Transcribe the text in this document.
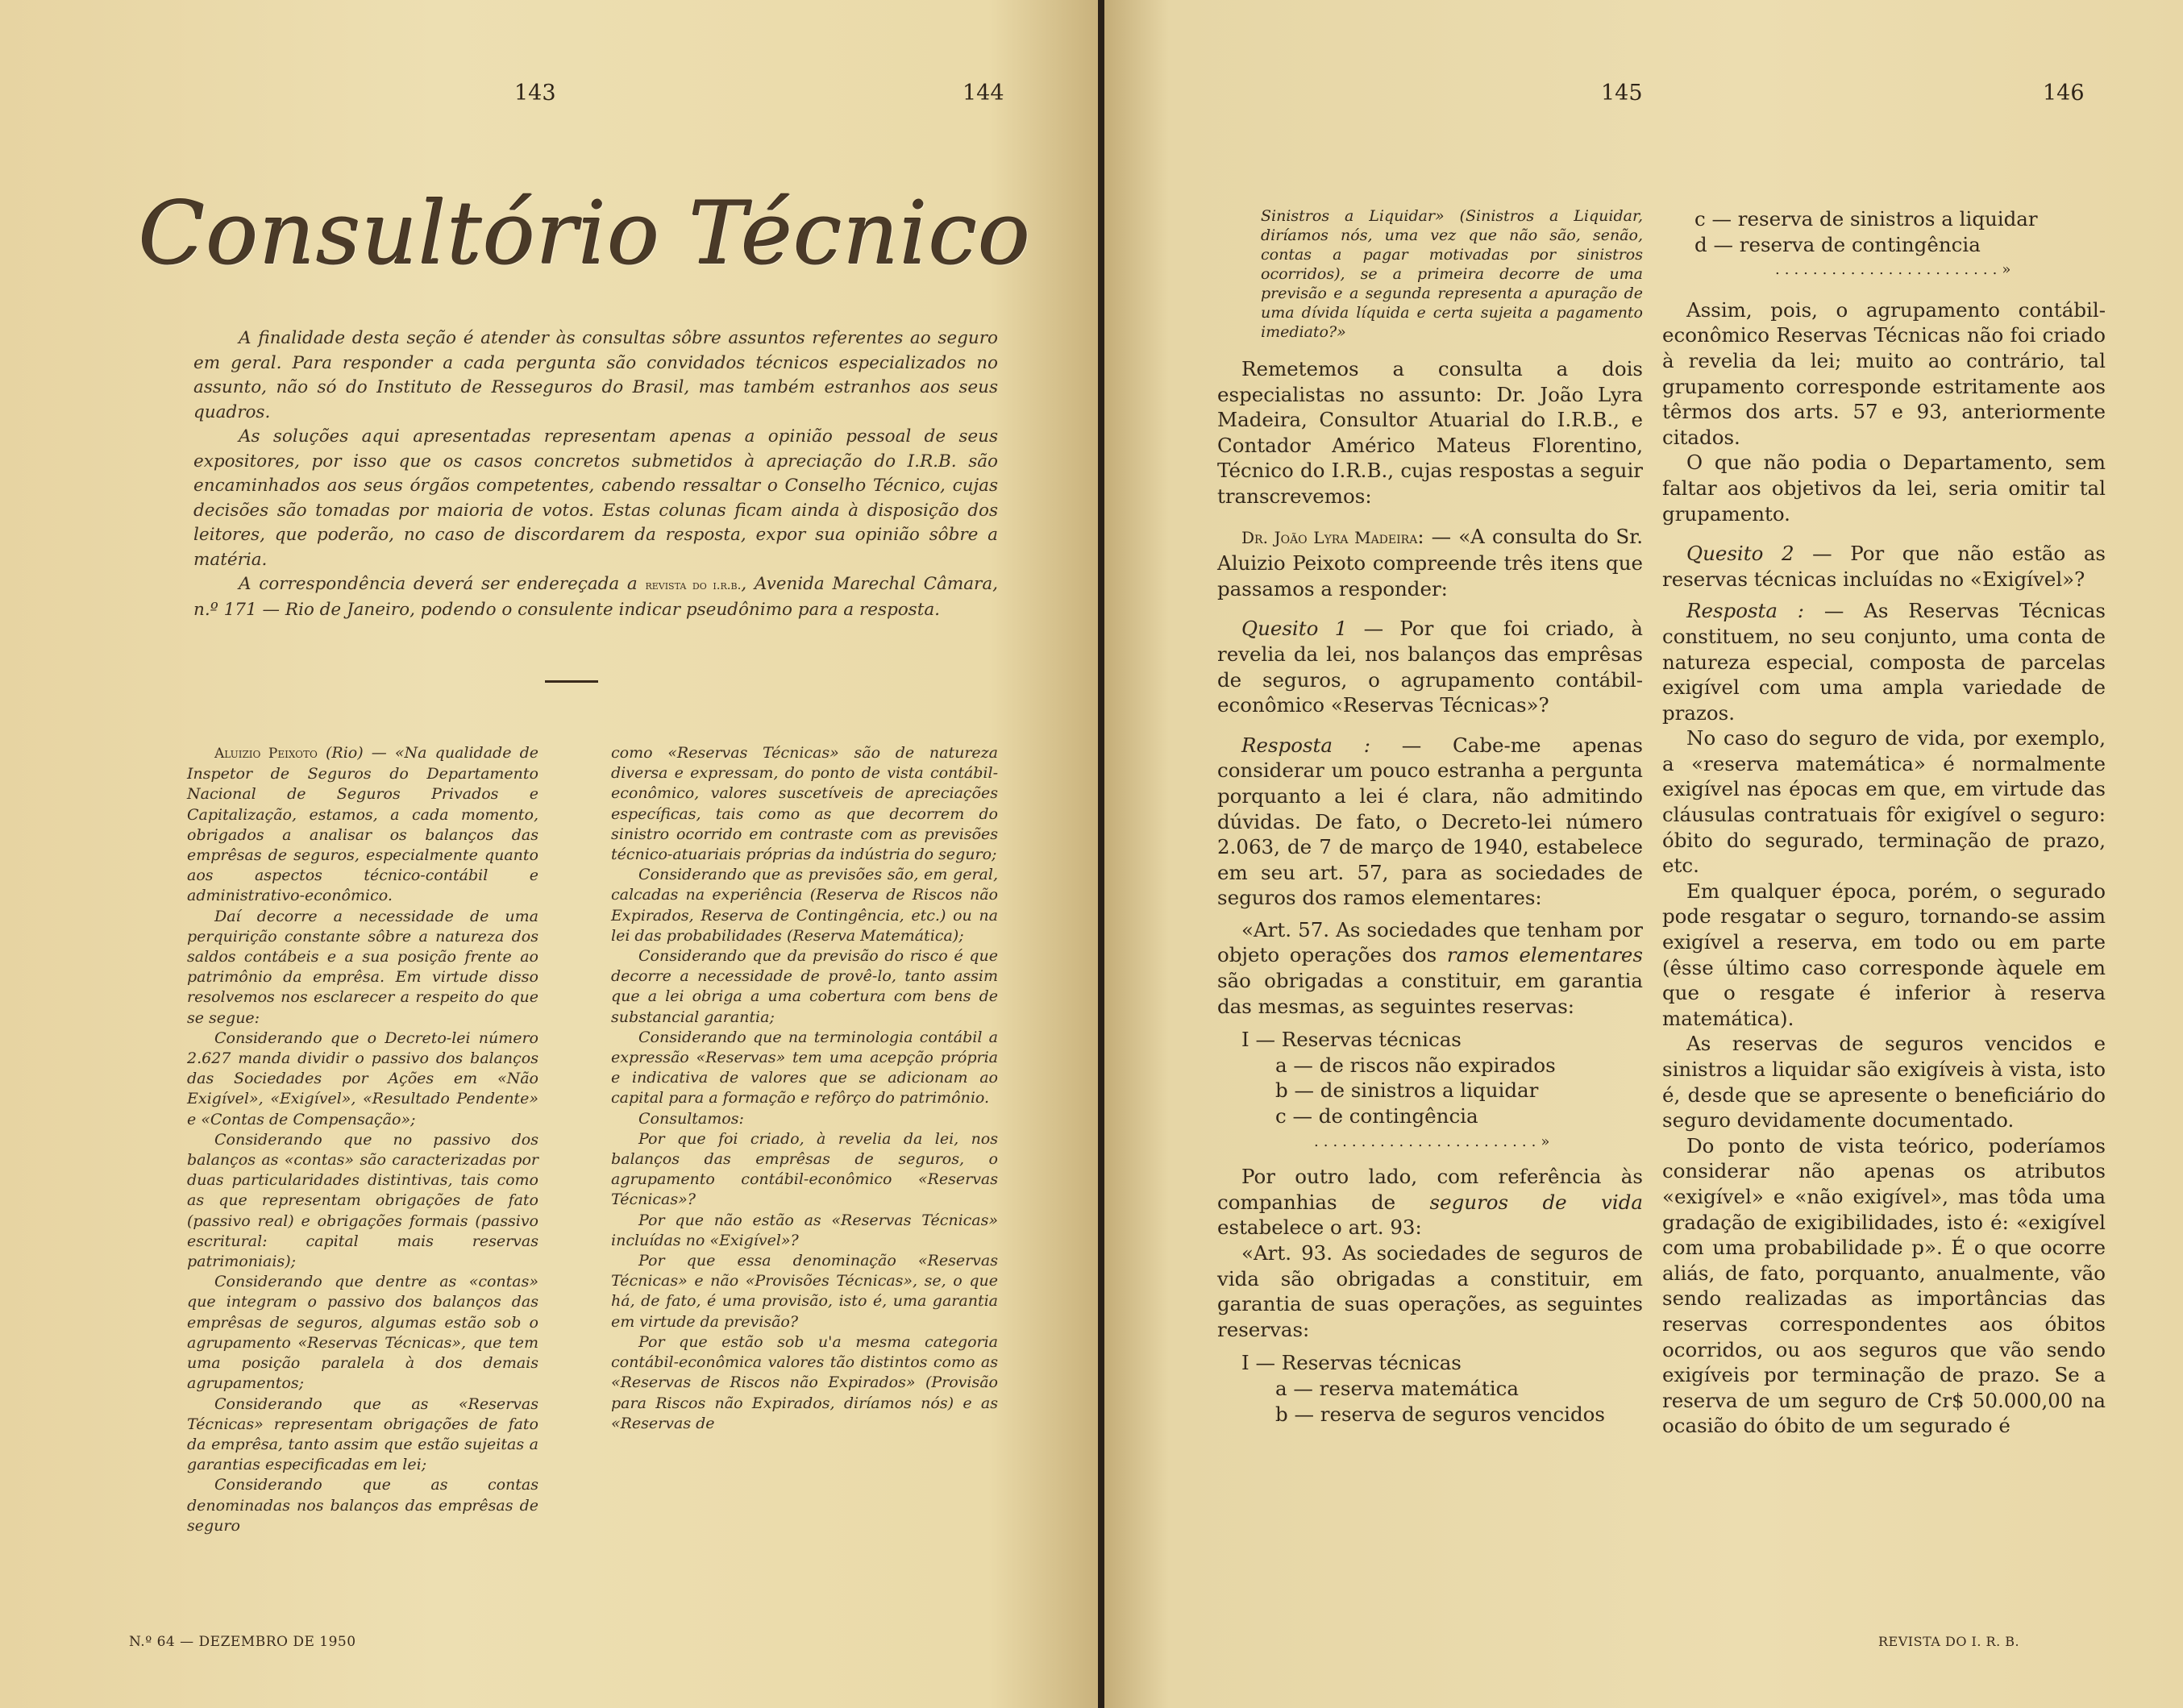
143	144
Consultório Técnico

A finalidade desta seção é atender às consultas sôbre assuntos referentes ao seguro em geral. Para responder a cada pergunta são convidados técnicos especializados no assunto, não só do Instituto de Resseguros do Brasil, mas também estranhos aos seus quadros.

As soluções aqui apresentadas representam apenas a opinião pessoal de seus expositores, por isso que os casos concretos submetidos à apreciação do I.R.B. são encaminhados aos seus órgãos competentes, cabendo ressaltar o Conselho Técnico, cujas decisões são tomadas por maioria de votos. Estas colunas ficam ainda à disposição dos leitores, que poderão, no caso de discordarem da resposta, expor sua opinião sôbre a matéria.

A correspondência deverá ser endereçada a revista do i.r.b., Avenida Marechal Câmara, n.º 171 — Rio de Janeiro, podendo o consulente indicar pseudônimo para a resposta.

Aluizio Peixoto (Rio) — «Na qualidade de Inspetor de Seguros do Departamento Nacional de Seguros Privados e Capitalização, estamos, a cada momento, obrigados a analisar os balanços das emprêsas de seguros, especialmente quanto aos aspectos técnico-contábil e administrativo-econômico.

Daí decorre a necessidade de uma perquirição constante sôbre a natureza dos saldos contábeis e a sua posição frente ao patrimônio da emprêsa. Em virtude disso resolvemos nos esclarecer a respeito do que se segue:

Considerando que o Decreto-lei número 2.627 manda dividir o passivo dos balanços das Sociedades por Ações em «Não Exigível», «Exigível», «Resultado Pendente» e «Contas de Compensação»;

Considerando que no passivo dos balanços as «contas» são caracterizadas por duas particularidades distintivas, tais como as que representam obrigações de fato (passivo real) e obrigações formais (passivo escritural: capital mais reservas patrimoniais);

Considerando que dentre as «contas» que integram o passivo dos balanços das emprêsas de seguros, algumas estão sob o agrupamento «Reservas Técnicas», que tem uma posição paralela à dos demais agrupamentos;

Considerando que as «Reservas Técnicas» representam obrigações de fato da emprêsa, tanto assim que estão sujeitas a garantias especificadas em lei;

Considerando que as contas denominadas nos balanços das emprêsas de seguro

como «Reservas Técnicas» são de natureza diversa e expressam, do ponto de vista contábil-econômico, valores suscetíveis de apreciações específicas, tais como as que decorrem do sinistro ocorrido em contraste com as previsões técnico-atuariais próprias da indústria do seguro;

Considerando que as previsões são, em geral, calcadas na experiência (Reserva de Riscos não Expirados, Reserva de Contingência, etc.) ou na lei das probabilidades (Reserva Matemática);

Considerando que da previsão do risco é que decorre a necessidade de provê-lo, tanto assim que a lei obriga a uma cobertura com bens de substancial garantia;

Considerando que na terminologia contábil a expressão «Reservas» tem uma acepção própria e indicativa de valores que se adicionam ao capital para a formação e refôrço do patrimônio.

Consultamos:

Por que foi criado, à revelia da lei, nos balanços das emprêsas de seguros, o agrupamento contábil-econômico «Reservas Técnicas»?

Por que não estão as «Reservas Técnicas» incluídas no «Exigível»?

Por que essa denominação «Reservas Técnicas» e não «Provisões Técnicas», se, o que há, de fato, é uma provisão, isto é, uma garantia em virtude da previsão?

Por que estão sob u'a mesma categoria contábil-econômica valores tão distintos como as «Reservas de Riscos não Expirados» (Provisão para Riscos não Expirados, diríamos nós) e as «Reservas de

N.º 64 — DEZEMBRO DE 1950
145	146

Sinistros a Liquidar» (Sinistros a Liquidar, diríamos nós, uma vez que não são, senão, contas a pagar motivadas por sinistros ocorridos), se a primeira decorre de uma previsão e a segunda representa a apuração de uma dívida líquida e certa sujeita a pagamento imediato?»

Remetemos a consulta a dois especialistas no assunto: Dr. João Lyra Madeira, Consultor Atuarial do I.R.B., e Contador Américo Mateus Florentino, Técnico do I.R.B., cujas respostas a seguir transcrevemos:

Dr. João Lyra Madeira: — «A consulta do Sr. Aluizio Peixoto compreende três itens que passamos a responder:

Quesito 1 — Por que foi criado, à revelia da lei, nos balanços das emprêsas de seguros, o agrupamento contábil-econômico «Reservas Técnicas»?

Resposta : — Cabe-me apenas considerar um pouco estranha a pergunta porquanto a lei é clara, não admitindo dúvidas. De fato, o Decreto-lei número 2.063, de 7 de março de 1940, estabelece em seu art. 57, para as sociedades de seguros dos ramos elementares:

«Art. 57. As sociedades que tenham por objeto operações dos ramos elementares são obrigadas a constituir, em garantia das mesmas, as seguintes reservas:

I — Reservas técnicas
a — de riscos não expirados
b — de sinistros a liquidar
c — de contingência
........................»

Por outro lado, com referência às companhias de seguros de vida estabelece o art. 93:

«Art. 93. As sociedades de seguros de vida são obrigadas a constituir, em garantia de suas operações, as seguintes reservas:

I — Reservas técnicas
a — reserva matemática
b — reserva de seguros vencidos
c — reserva de sinistros a liquidar
d — reserva de contingência
........................»

Assim, pois, o agrupamento contábil-econômico Reservas Técnicas não foi criado à revelia da lei; muito ao contrário, tal grupamento corresponde estritamente aos têrmos dos arts. 57 e 93, anteriormente citados.

O que não podia o Departamento, sem faltar aos objetivos da lei, seria omitir tal grupamento.

Quesito 2 — Por que não estão as reservas técnicas incluídas no «Exigível»?

Resposta : — As Reservas Técnicas constituem, no seu conjunto, uma conta de natureza especial, composta de parcelas exigível com uma ampla variedade de prazos.

No caso do seguro de vida, por exemplo, a «reserva matemática» é normalmente exigível nas épocas em que, em virtude das cláusulas contratuais fôr exigível o seguro: óbito do segurado, terminação de prazo, etc.

Em qualquer época, porém, o segurado pode resgatar o seguro, tornando-se assim exigível a reserva, em todo ou em parte (êsse último caso corresponde àquele em que o resgate é inferior à reserva matemática).

As reservas de seguros vencidos e sinistros a liquidar são exigíveis à vista, isto é, desde que se apresente o beneficiário do seguro devidamente documentado.

Do ponto de vista teórico, poderíamos considerar não apenas os atributos «exigível» e «não exigível», mas tôda uma gradação de exigibilidades, isto é: «exigível com uma probabilidade p». É o que ocorre aliás, de fato, porquanto, anualmente, vão sendo realizadas as importâncias das reservas correspondentes aos óbitos ocorridos, ou aos seguros que vão sendo exigíveis por terminação de prazo. Se a reserva de um seguro de Cr$ 50.000,00 na ocasião do óbito de um segurado é

REVISTA DO I. R. B.
